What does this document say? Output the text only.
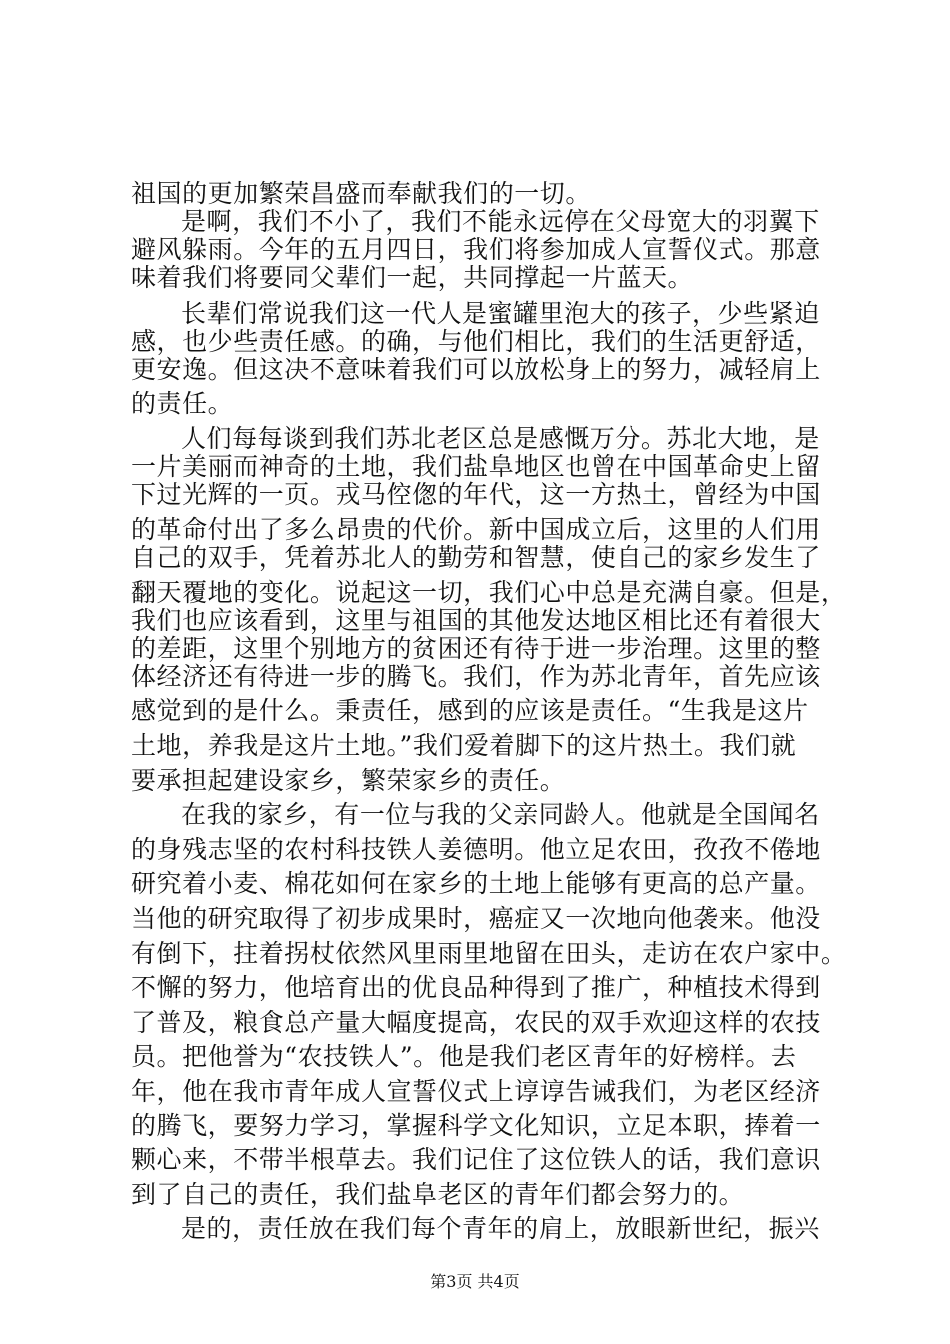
祖国的更加繁荣昌盛而奉献我们的一切。
是啊，我们不小了，我们不能永远停在父母宽大的羽翼下
避风躲雨。今年的五月四日，我们将参加成人宣誓仪式。那意
味着我们将要同父辈们一起，共同撑起一片蓝天。
长辈们常说我们这一代人是蜜罐里泡大的孩子，少些紧迫
感，也少些责任感。的确，与他们相比，我们的生活更舒适，
更安逸。但这决不意味着我们可以放松身上的努力，减轻肩上
的责任。
人们每每谈到我们苏北老区总是感慨万分。苏北大地，是
一片美丽而神奇的土地，我们盐阜地区也曾在中国革命史上留
下过光辉的一页。戎马倥偬的年代，这一方热土，曾经为中国
的革命付出了多么昂贵的代价。新中国成立后，这里的人们用
自己的双手，凭着苏北人的勤劳和智慧，使自己的家乡发生了
翻天覆地的变化。说起这一切，我们心中总是充满自豪。但是，
我们也应该看到，这里与祖国的其他发达地区相比还有着很大
的差距，这里个别地方的贫困还有待于进一步治理。这里的整
体经济还有待进一步的腾飞。我们，作为苏北青年，首先应该
感觉到的是什么。秉责任，感到的应该是责任。“生我是这片
土地，养我是这片土地。”我们爱着脚下的这片热土。我们就
要承担起建设家乡，繁荣家乡的责任。
在我的家乡，有一位与我的父亲同龄人。他就是全国闻名
的身残志坚的农村科技铁人姜德明。他立足农田，孜孜不倦地
研究着小麦、棉花如何在家乡的土地上能够有更高的总产量。
当他的研究取得了初步成果时，癌症又一次地向他袭来。他没
有倒下，拄着拐杖依然风里雨里地留在田头，走访在农户家中。
不懈的努力，他培育出的优良品种得到了推广，种植技术得到
了普及，粮食总产量大幅度提高，农民的双手欢迎这样的农技
员。把他誉为“农技铁人”。他是我们老区青年的好榜样。去
年，他在我市青年成人宣誓仪式上谆谆告诫我们，为老区经济
的腾飞，要努力学习，掌握科学文化知识，立足本职，捧着一
颗心来，不带半根草去。我们记住了这位铁人的话，我们意识
到了自己的责任，我们盐阜老区的青年们都会努力的。
是的，责任放在我们每个青年的肩上，放眼新世纪，振兴
第3页 共4页
